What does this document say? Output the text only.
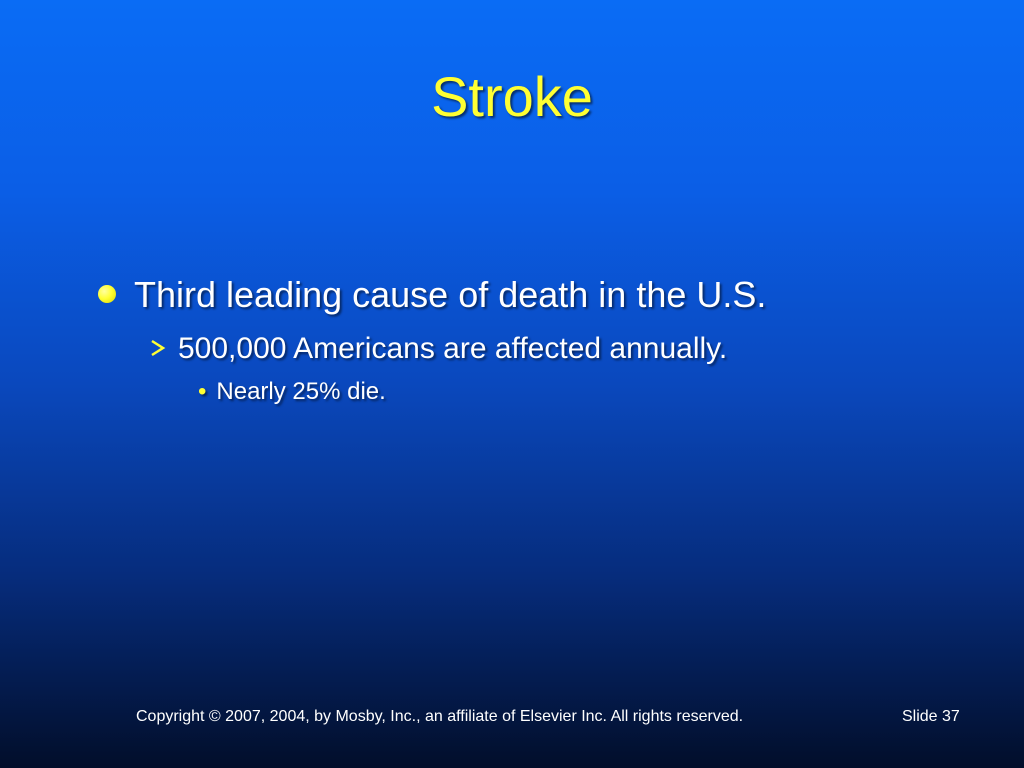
Stroke
Third leading cause of death in the U.S.
500,000 Americans are affected annually.
• Nearly 25% die.
Copyright © 2007, 2004, by Mosby, Inc., an affiliate of Elsevier Inc. All rights reserved.	Slide 37
